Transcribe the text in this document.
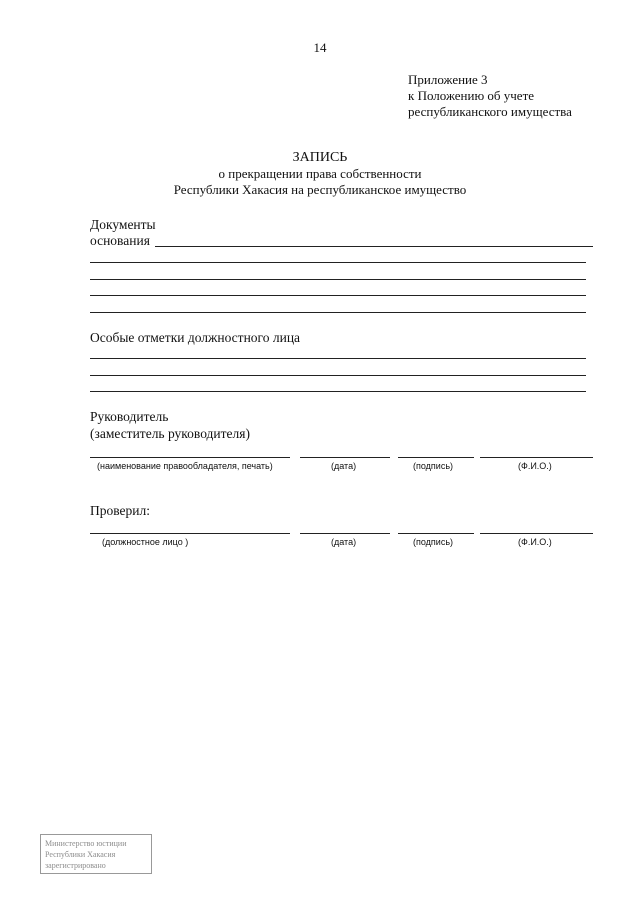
14
Приложение 3
к Положению об учете
республиканского имущества
ЗАПИСЬ
о прекращении права собственности
Республики Хакасия на республиканское имущество
Документы
основания
Особые отметки должностного лица
Руководитель
(заместитель руководителя)
(наименование правообладателя, печать)	(дата)	(подпись)	(Ф.И.О.)
Проверил:
(должностное лицо )	(дата)	(подпись)	(Ф.И.О.)
Министерство юстиции
Республики Хакасия
зарегистрировано
